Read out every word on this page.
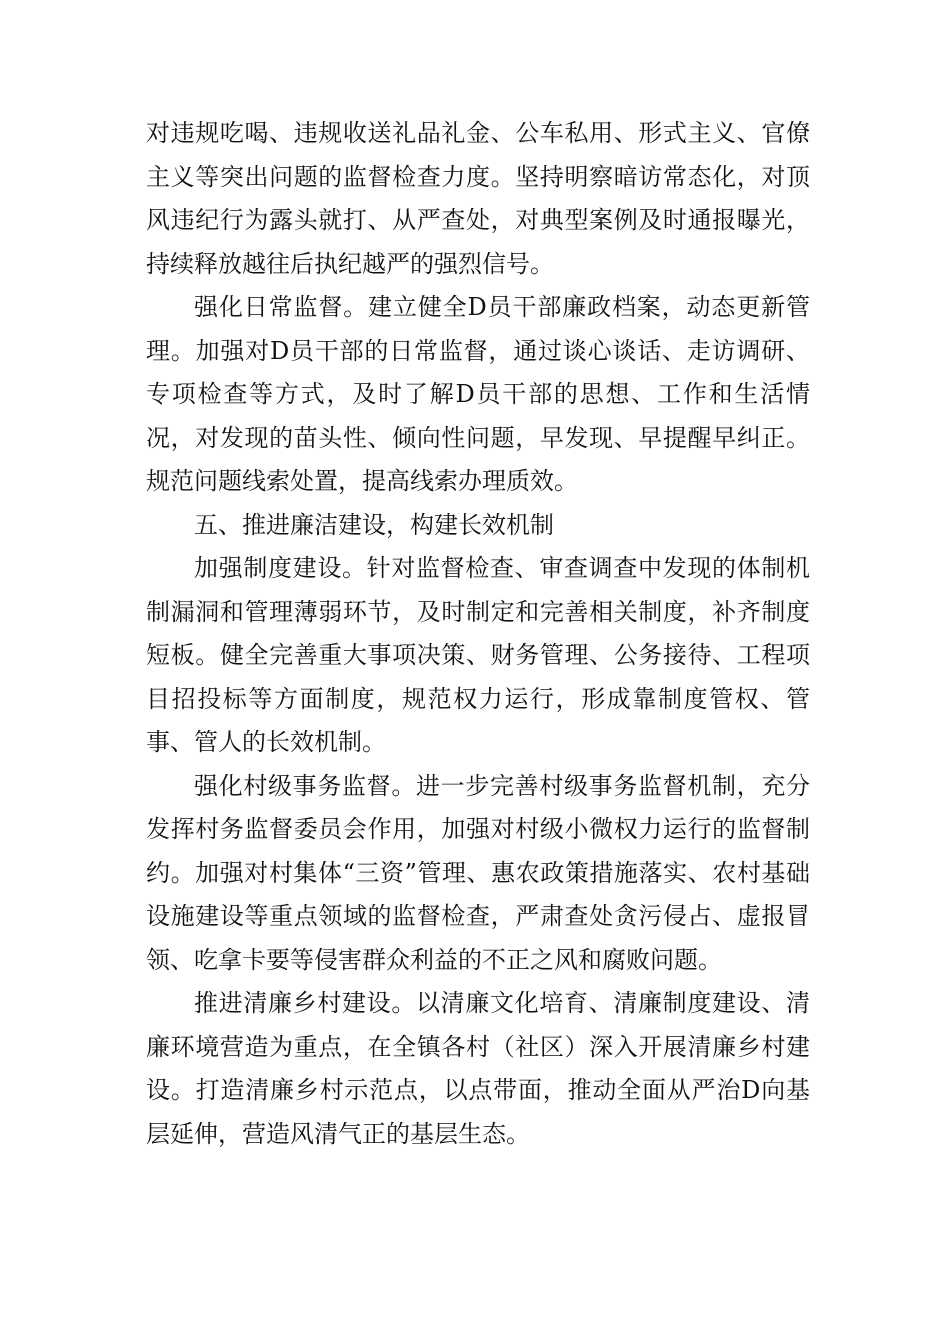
对违规吃喝、违规收送礼品礼金、公车私用、形式主义、官僚主义等突出问题的监督检查力度。坚持明察暗访常态化，对顶风违纪行为露头就打、从严查处，对典型案例及时通报曝光，持续释放越往后执纪越严的强烈信号。

强化日常监督。建立健全D员干部廉政档案，动态更新管理。加强对D员干部的日常监督，通过谈心谈话、走访调研、专项检查等方式，及时了解D员干部的思想、工作和生活情况，对发现的苗头性、倾向性问题，早发现、早提醒早纠正。规范问题线索处置，提高线索办理质效。

五、推进廉洁建设，构建长效机制

加强制度建设。针对监督检查、审查调查中发现的体制机制漏洞和管理薄弱环节，及时制定和完善相关制度，补齐制度短板。健全完善重大事项决策、财务管理、公务接待、工程项目招投标等方面制度，规范权力运行，形成靠制度管权、管事、管人的长效机制。

强化村级事务监督。进一步完善村级事务监督机制，充分发挥村务监督委员会作用，加强对村级小微权力运行的监督制约。加强对村集体“三资”管理、惠农政策措施落实、农村基础设施建设等重点领域的监督检查，严肃查处贪污侵占、虚报冒领、吃拿卡要等侵害群众利益的不正之风和腐败问题。

推进清廉乡村建设。以清廉文化培育、清廉制度建设、清廉环境营造为重点，在全镇各村（社区）深入开展清廉乡村建设。打造清廉乡村示范点，以点带面，推动全面从严治D向基层延伸，营造风清气正的基层生态。
